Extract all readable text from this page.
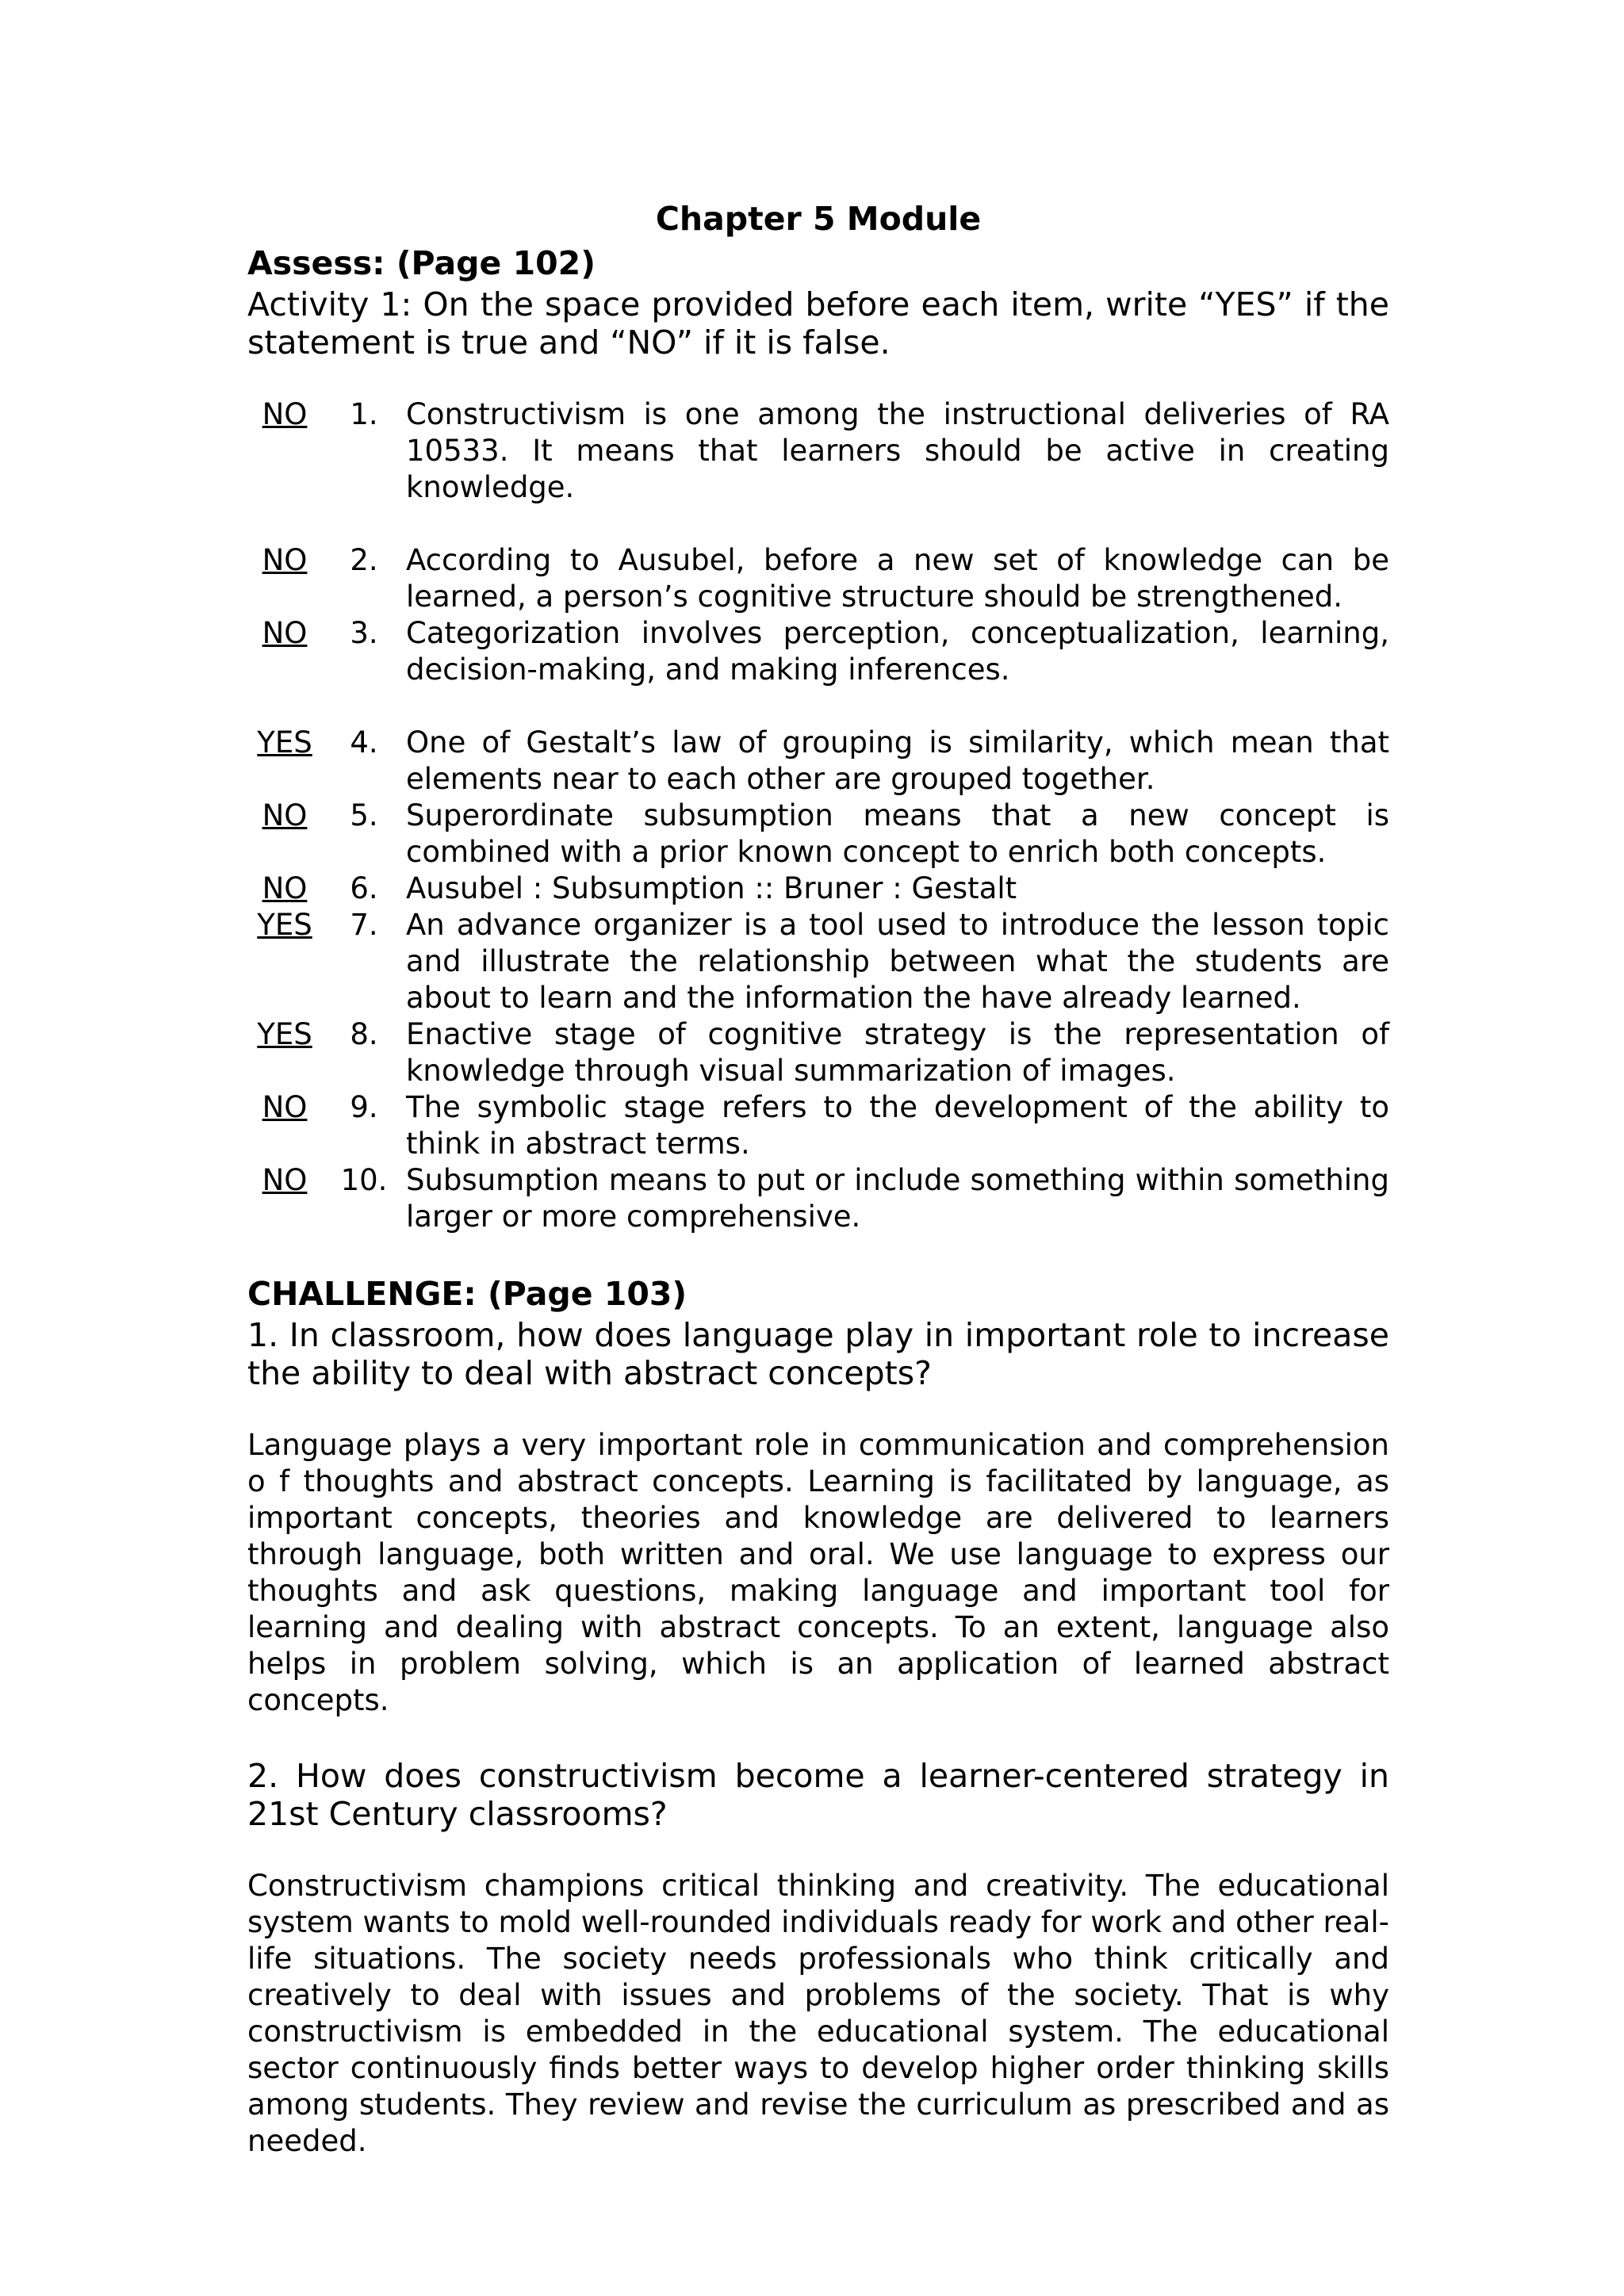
Chapter 5 Module
Assess: (Page 102)

Activity 1: On the space provided before each item, write “YES” if the statement is true and “NO” if it is false.

NO	1. Constructivism is one among the instructional deliveries of RA 10533. It means that learners should be active in creating knowledge.
NO	2. According to Ausubel, before a new set of knowledge can be learned, a person’s cognitive structure should be strengthened.
NO	3. Categorization involves perception, conceptualization, learning, decision-making, and making inferences.
YES	4. One of Gestalt’s law of grouping is similarity, which mean that elements near to each other are grouped together.
NO	5. Superordinate subsumption means that a new concept is combined with a prior known concept to enrich both concepts.
NO	6. Ausubel : Subsumption :: Bruner : Gestalt
YES	7. An advance organizer is a tool used to introduce the lesson topic and illustrate the relationship between what the students are about to learn and the information the have already learned.
YES	8. Enactive stage of cognitive strategy is the representation of knowledge through visual summarization of images.
NO	9. The symbolic stage refers to the development of the ability to think in abstract terms.
NO	10. Subsumption means to put or include something within something larger or more comprehensive.
CHALLENGE: (Page 103)

1. In classroom, how does language play in important role to increase the ability to deal with abstract concepts?

Language plays a very important role in communication and comprehension o f thoughts and abstract concepts. Learning is facilitated by language, as important concepts, theories and knowledge are delivered to learners through language, both written and oral. We use language to express our thoughts and ask questions, making language and important tool for learning and dealing with abstract concepts. To an extent, language also helps in problem solving, which is an application of learned abstract concepts.

2. How does constructivism become a learner-centered strategy in 21st Century classrooms?

Constructivism champions critical thinking and creativity. The educational system wants to mold well-rounded individuals ready for work and other real-life situations. The society needs professionals who think critically and creatively to deal with issues and problems of the society. That is why constructivism is embedded in the educational system. The educational sector continuously finds better ways to develop higher order thinking skills among students. They review and revise the curriculum as prescribed and as needed.
